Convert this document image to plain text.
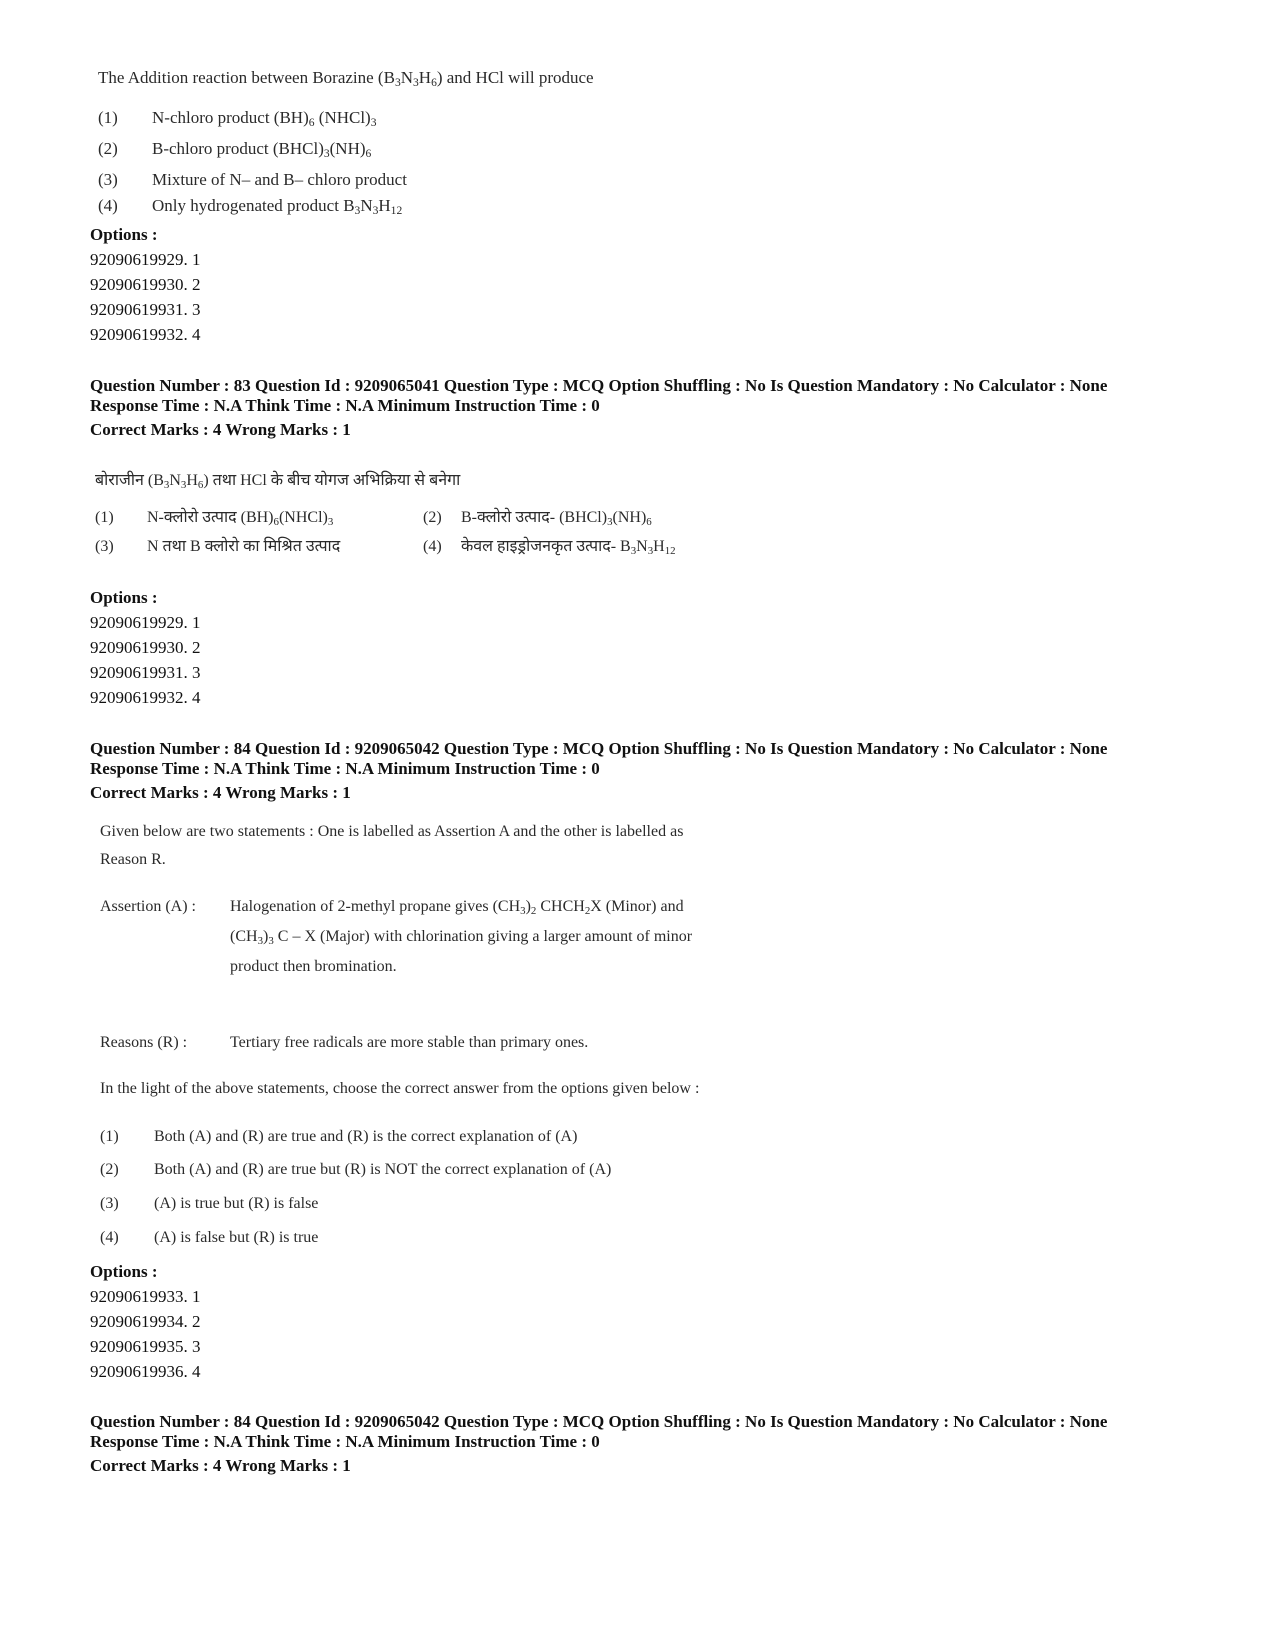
The Addition reaction between Borazine $(B_3N_3H_6)$ and HCl will produce
(1) N-chloro product $(BH)_6$ $(NHCl)_3$
(2) B-chloro product $(BHCl)_3(NH)_6$
(3) Mixture of N– and B– chloro product
(4) Only hydrogenated product $B_3N_3H_{12}$
Options :
92090619929. 1
92090619930. 2
92090619931. 3
92090619932. 4
Question Number : 83 Question Id : 9209065041 Question Type : MCQ Option Shuffling : No Is Question Mandatory : No Calculator : None
Response Time : N.A Think Time : N.A Minimum Instruction Time : 0
Correct Marks : 4 Wrong Marks : 1
बोराजीन $(B_3N_3H_6)$ तथा HCl के बीच योगज अभिक्रिया से बनेगा
(1) N-क्लोरो उत्पाद $(BH)_6(NHCl)_3$	(2) B-क्लोरो उत्पाद- $(BHCl)_3(NH)_6$
(3) N तथा B क्लोरो का मिश्रित उत्पाद	(4) केवल हाइड्रोजनकृत उत्पाद- $B_3N_3H_{12}$
Options :
92090619929. 1
92090619930. 2
92090619931. 3
92090619932. 4
Question Number : 84 Question Id : 9209065042 Question Type : MCQ Option Shuffling : No Is Question Mandatory : No Calculator : None
Response Time : N.A Think Time : N.A Minimum Instruction Time : 0
Correct Marks : 4 Wrong Marks : 1
Given below are two statements : One is labelled as Assertion A and the other is labelled as
Reason R.
Assertion (A) : Halogenation of 2-methyl propane gives $(CH_3)_2$ $CHCH_2X$ (Minor) and
$(CH_3)_3$ C – X (Major) with chlorination giving a larger amount of minor
product then bromination.
Reasons (R) :	Tertiary free radicals are more stable than primary ones.
In the light of the above statements, choose the correct answer from the options given below :
(1) Both (A) and (R) are true and (R) is the correct explanation of (A)
(2) Both (A) and (R) are true but (R) is NOT the correct explanation of (A)
(3) (A) is true but (R) is false
(4) (A) is false but (R) is true
Options :
92090619933. 1
92090619934. 2
92090619935. 3
92090619936. 4
Question Number : 84 Question Id : 9209065042 Question Type : MCQ Option Shuffling : No Is Question Mandatory : No Calculator : None
Response Time : N.A Think Time : N.A Minimum Instruction Time : 0
Correct Marks : 4 Wrong Marks : 1
